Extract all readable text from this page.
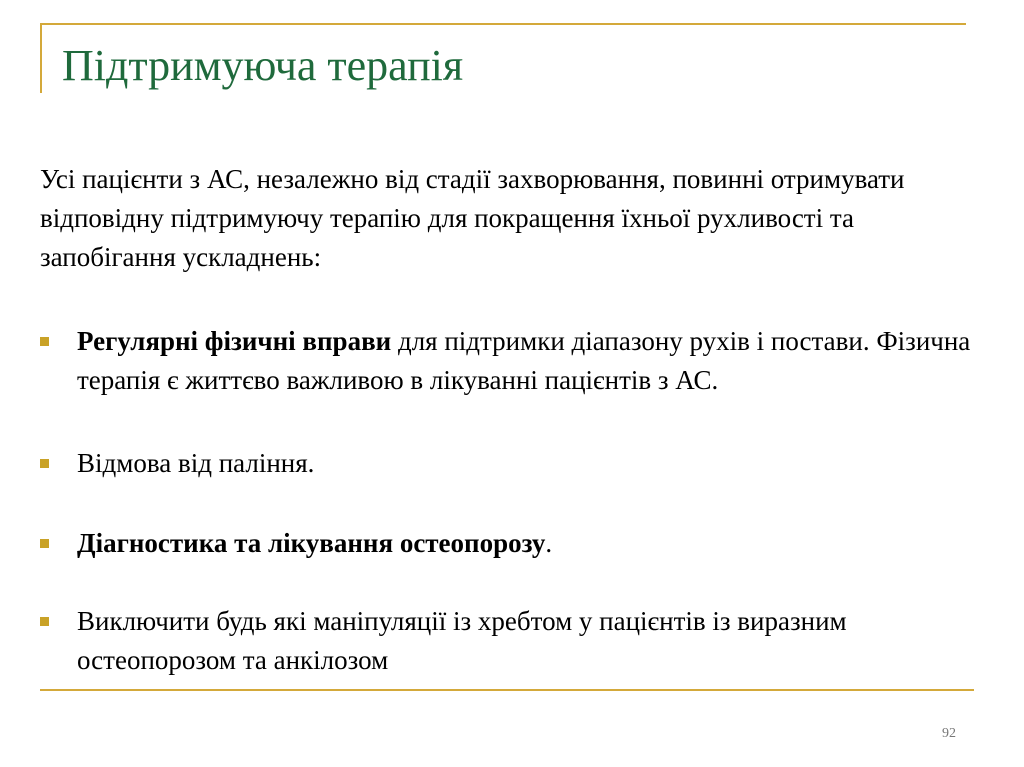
Підтримуюча терапія
Усі пацієнти з АС, незалежно від стадії захворювання, повинні отримувати відповідну підтримуючу терапію для покращення їхньої рухливості та запобігання ускладнень:
Регулярні фізичні вправи для підтримки діапазону рухів і постави. Фізична терапія є життєво важливою в лікуванні пацієнтів з АС.
Відмова від паління.
Діагностика та лікування остеопорозу.
Виключити будь які маніпуляції із хребтом у пацієнтів із виразним остеопорозом та анкілозом
92
